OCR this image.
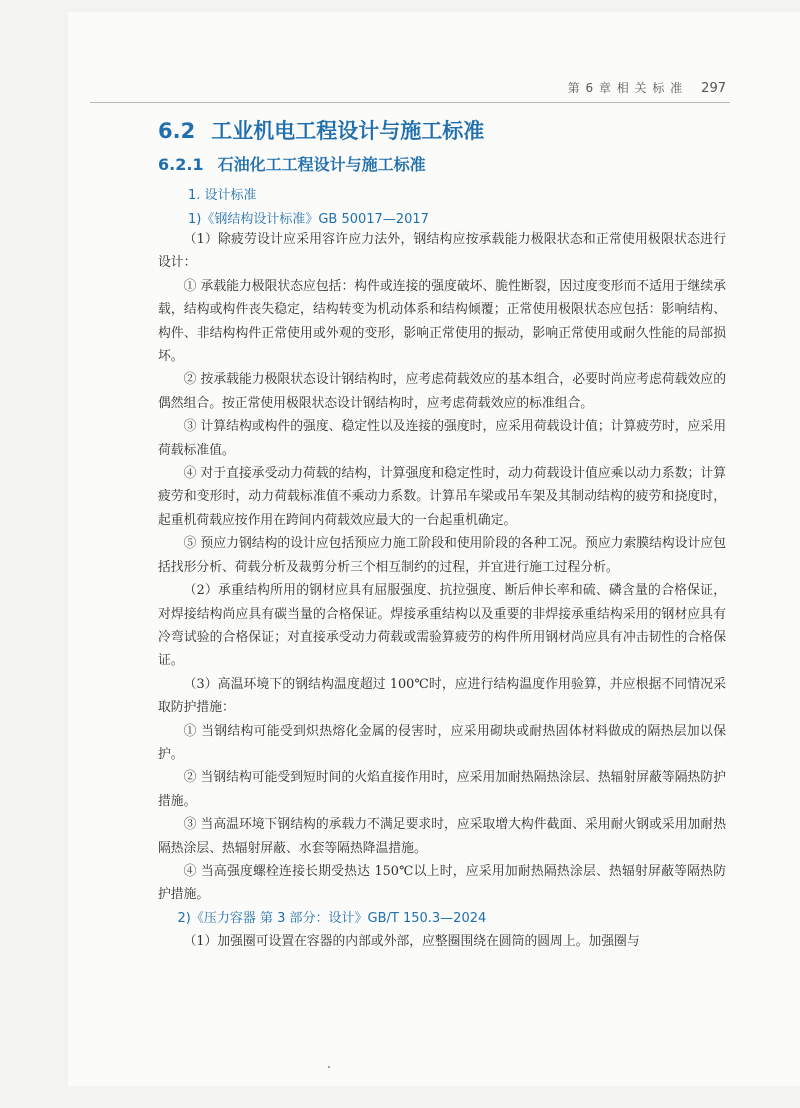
第 6 章 相 关 标 准 297
6.2 工业机电工程设计与施工标准
6.2.1 石油化工工程设计与施工标准
1. 设计标准
1)《钢结构设计标准》GB 50017—2017

（1）除疲劳设计应采用容许应力法外，钢结构应按承载能力极限状态和正常使用极限状态进行设计：

① 承载能力极限状态应包括：构件或连接的强度破坏、脆性断裂，因过度变形而不适用于继续承载，结构或构件丧失稳定，结构转变为机动体系和结构倾覆；正常使用极限状态应包括：影响结构、构件、非结构构件正常使用或外观的变形，影响正常使用的振动，影响正常使用或耐久性能的局部损坏。

② 按承载能力极限状态设计钢结构时，应考虑荷载效应的基本组合，必要时尚应考虑荷载效应的偶然组合。按正常使用极限状态设计钢结构时，应考虑荷载效应的标准组合。

③ 计算结构或构件的强度、稳定性以及连接的强度时，应采用荷载设计值；计算疲劳时，应采用荷载标准值。

④ 对于直接承受动力荷载的结构，计算强度和稳定性时，动力荷载设计值应乘以动力系数；计算疲劳和变形时，动力荷载标准值不乘动力系数。计算吊车梁或吊车架及其制动结构的疲劳和挠度时，起重机荷载应按作用在跨间内荷载效应最大的一台起重机确定。

⑤ 预应力钢结构的设计应包括预应力施工阶段和使用阶段的各种工况。预应力索膜结构设计应包括找形分析、荷载分析及裁剪分析三个相互制约的过程，并宜进行施工过程分析。

（2）承重结构所用的钢材应具有屈服强度、抗拉强度、断后伸长率和硫、磷含量的合格保证，对焊接结构尚应具有碳当量的合格保证。焊接承重结构以及重要的非焊接承重结构采用的钢材应具有冷弯试验的合格保证；对直接承受动力荷载或需验算疲劳的构件所用钢材尚应具有冲击韧性的合格保证。

（3）高温环境下的钢结构温度超过 100℃时，应进行结构温度作用验算，并应根据不同情况采取防护措施：

① 当钢结构可能受到炽热熔化金属的侵害时，应采用砌块或耐热固体材料做成的隔热层加以保护。

② 当钢结构可能受到短时间的火焰直接作用时，应采用加耐热隔热涂层、热辐射屏蔽等隔热防护措施。

③ 当高温环境下钢结构的承载力不满足要求时，应采取增大构件截面、采用耐火钢或采用加耐热隔热涂层、热辐射屏蔽、水套等隔热降温措施。

④ 当高强度螺栓连接长期受热达 150℃以上时，应采用加耐热隔热涂层、热辐射屏蔽等隔热防护措施。

2)《压力容器 第 3 部分：设计》GB/T 150.3—2024

（1）加强圈可设置在容器的内部或外部，应整圈围绕在圆筒的圆周上。加强圈与
